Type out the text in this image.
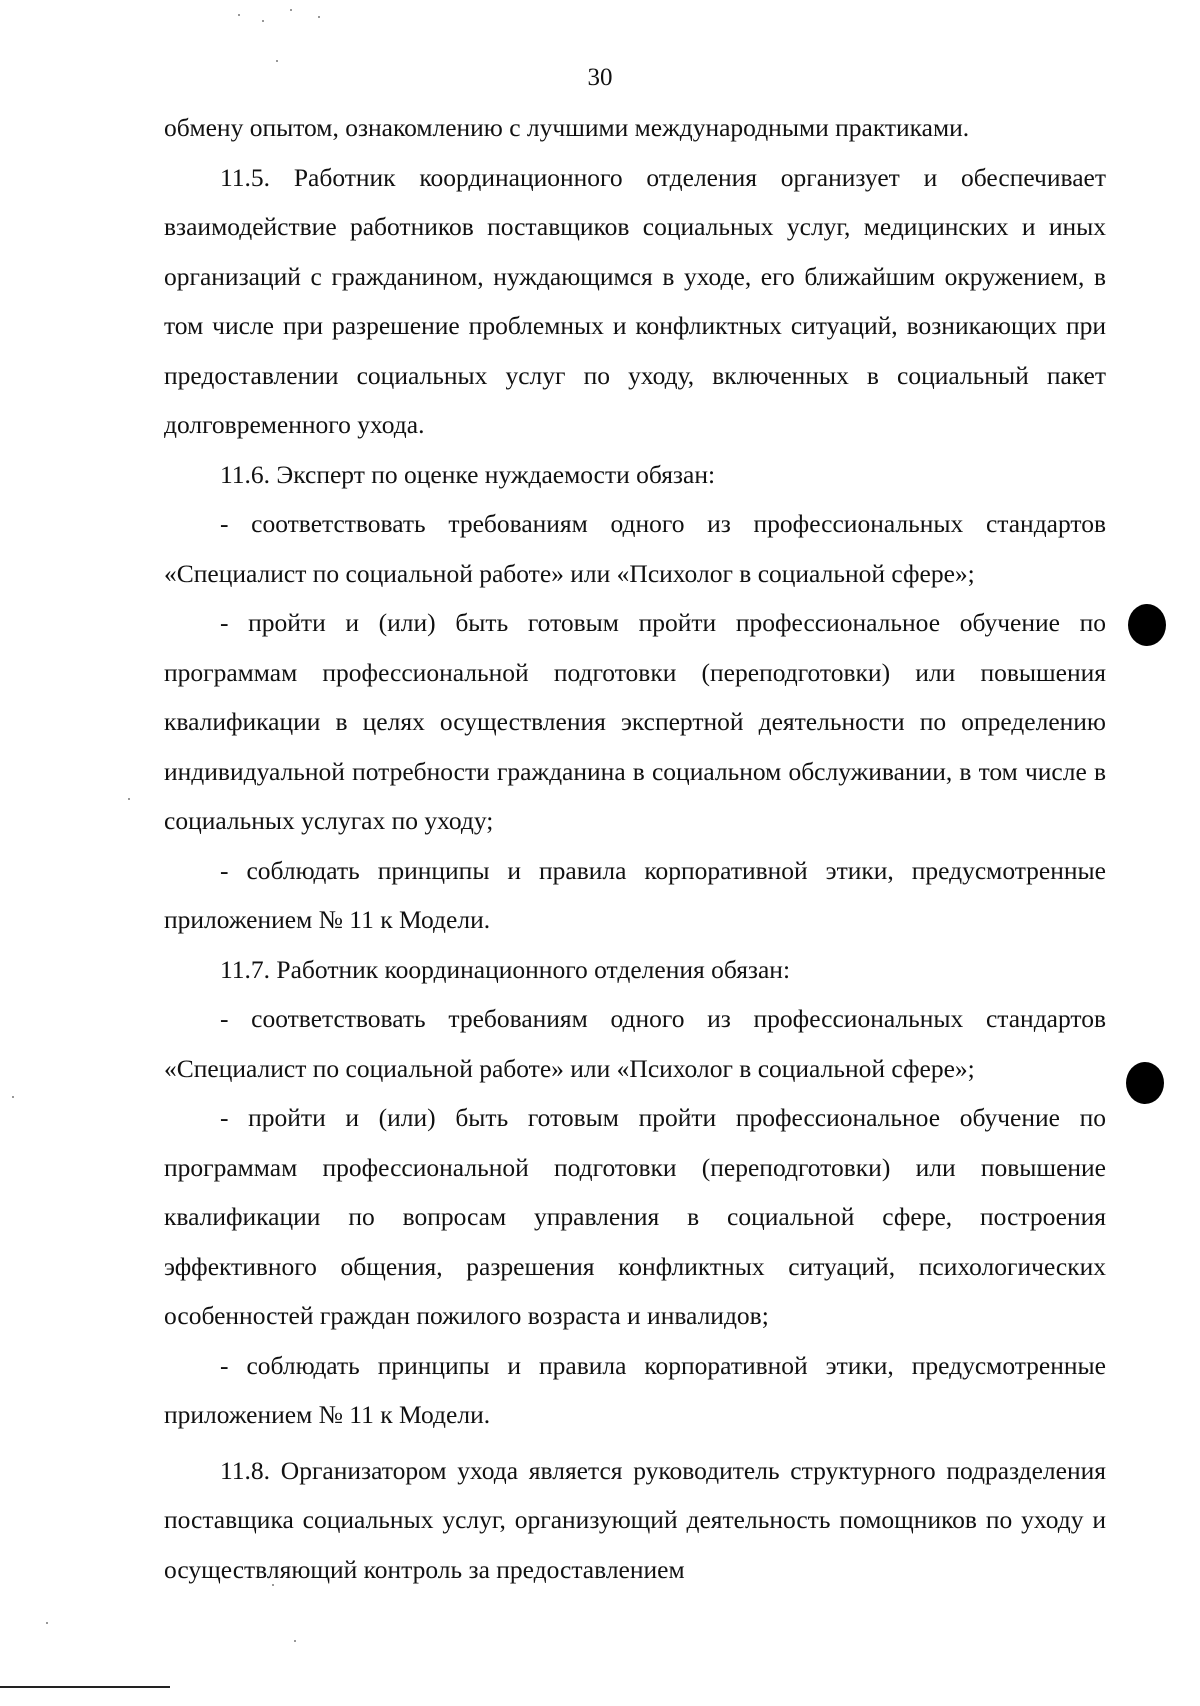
30

обмену опытом, ознакомлению с лучшими международными практиками.

11.5. Работник координационного отделения организует и обеспечивает взаимодействие работников поставщиков социальных услуг, медицинских и иных организаций с гражданином, нуждающимся в уходе, его ближайшим окружением, в том числе при разрешение проблемных и конфликтных ситуаций, возникающих при предоставлении социальных услуг по уходу, включенных в социальный пакет долговременного ухода.

11.6. Эксперт по оценке нуждаемости обязан:

- соответствовать требованиям одного из профессиональных стандартов «Специалист по социальной работе» или «Психолог в социальной сфере»;

- пройти и (или) быть готовым пройти профессиональное обучение по программам профессиональной подготовки (переподготовки) или повышения квалификации в целях осуществления экспертной деятельности по определению индивидуальной потребности гражданина в социальном обслуживании, в том числе в социальных услугах по уходу;

- соблюдать принципы и правила корпоративной этики, предусмотренные приложением № 11 к Модели.

11.7. Работник координационного отделения обязан:

- соответствовать требованиям одного из профессиональных стандартов «Специалист по социальной работе» или «Психолог в социальной сфере»;

- пройти и (или) быть готовым пройти профессиональное обучение по программам профессиональной подготовки (переподготовки) или повышение квалификации по вопросам управления в социальной сфере, построения эффективного общения, разрешения конфликтных ситуаций, психологических особенностей граждан пожилого возраста и инвалидов;

- соблюдать принципы и правила корпоративной этики, предусмотренные приложением № 11 к Модели.

11.8. Организатором ухода является руководитель структурного подразделения поставщика социальных услуг, организующий деятельность помощников по уходу и осуществляющий контроль за предоставлением
